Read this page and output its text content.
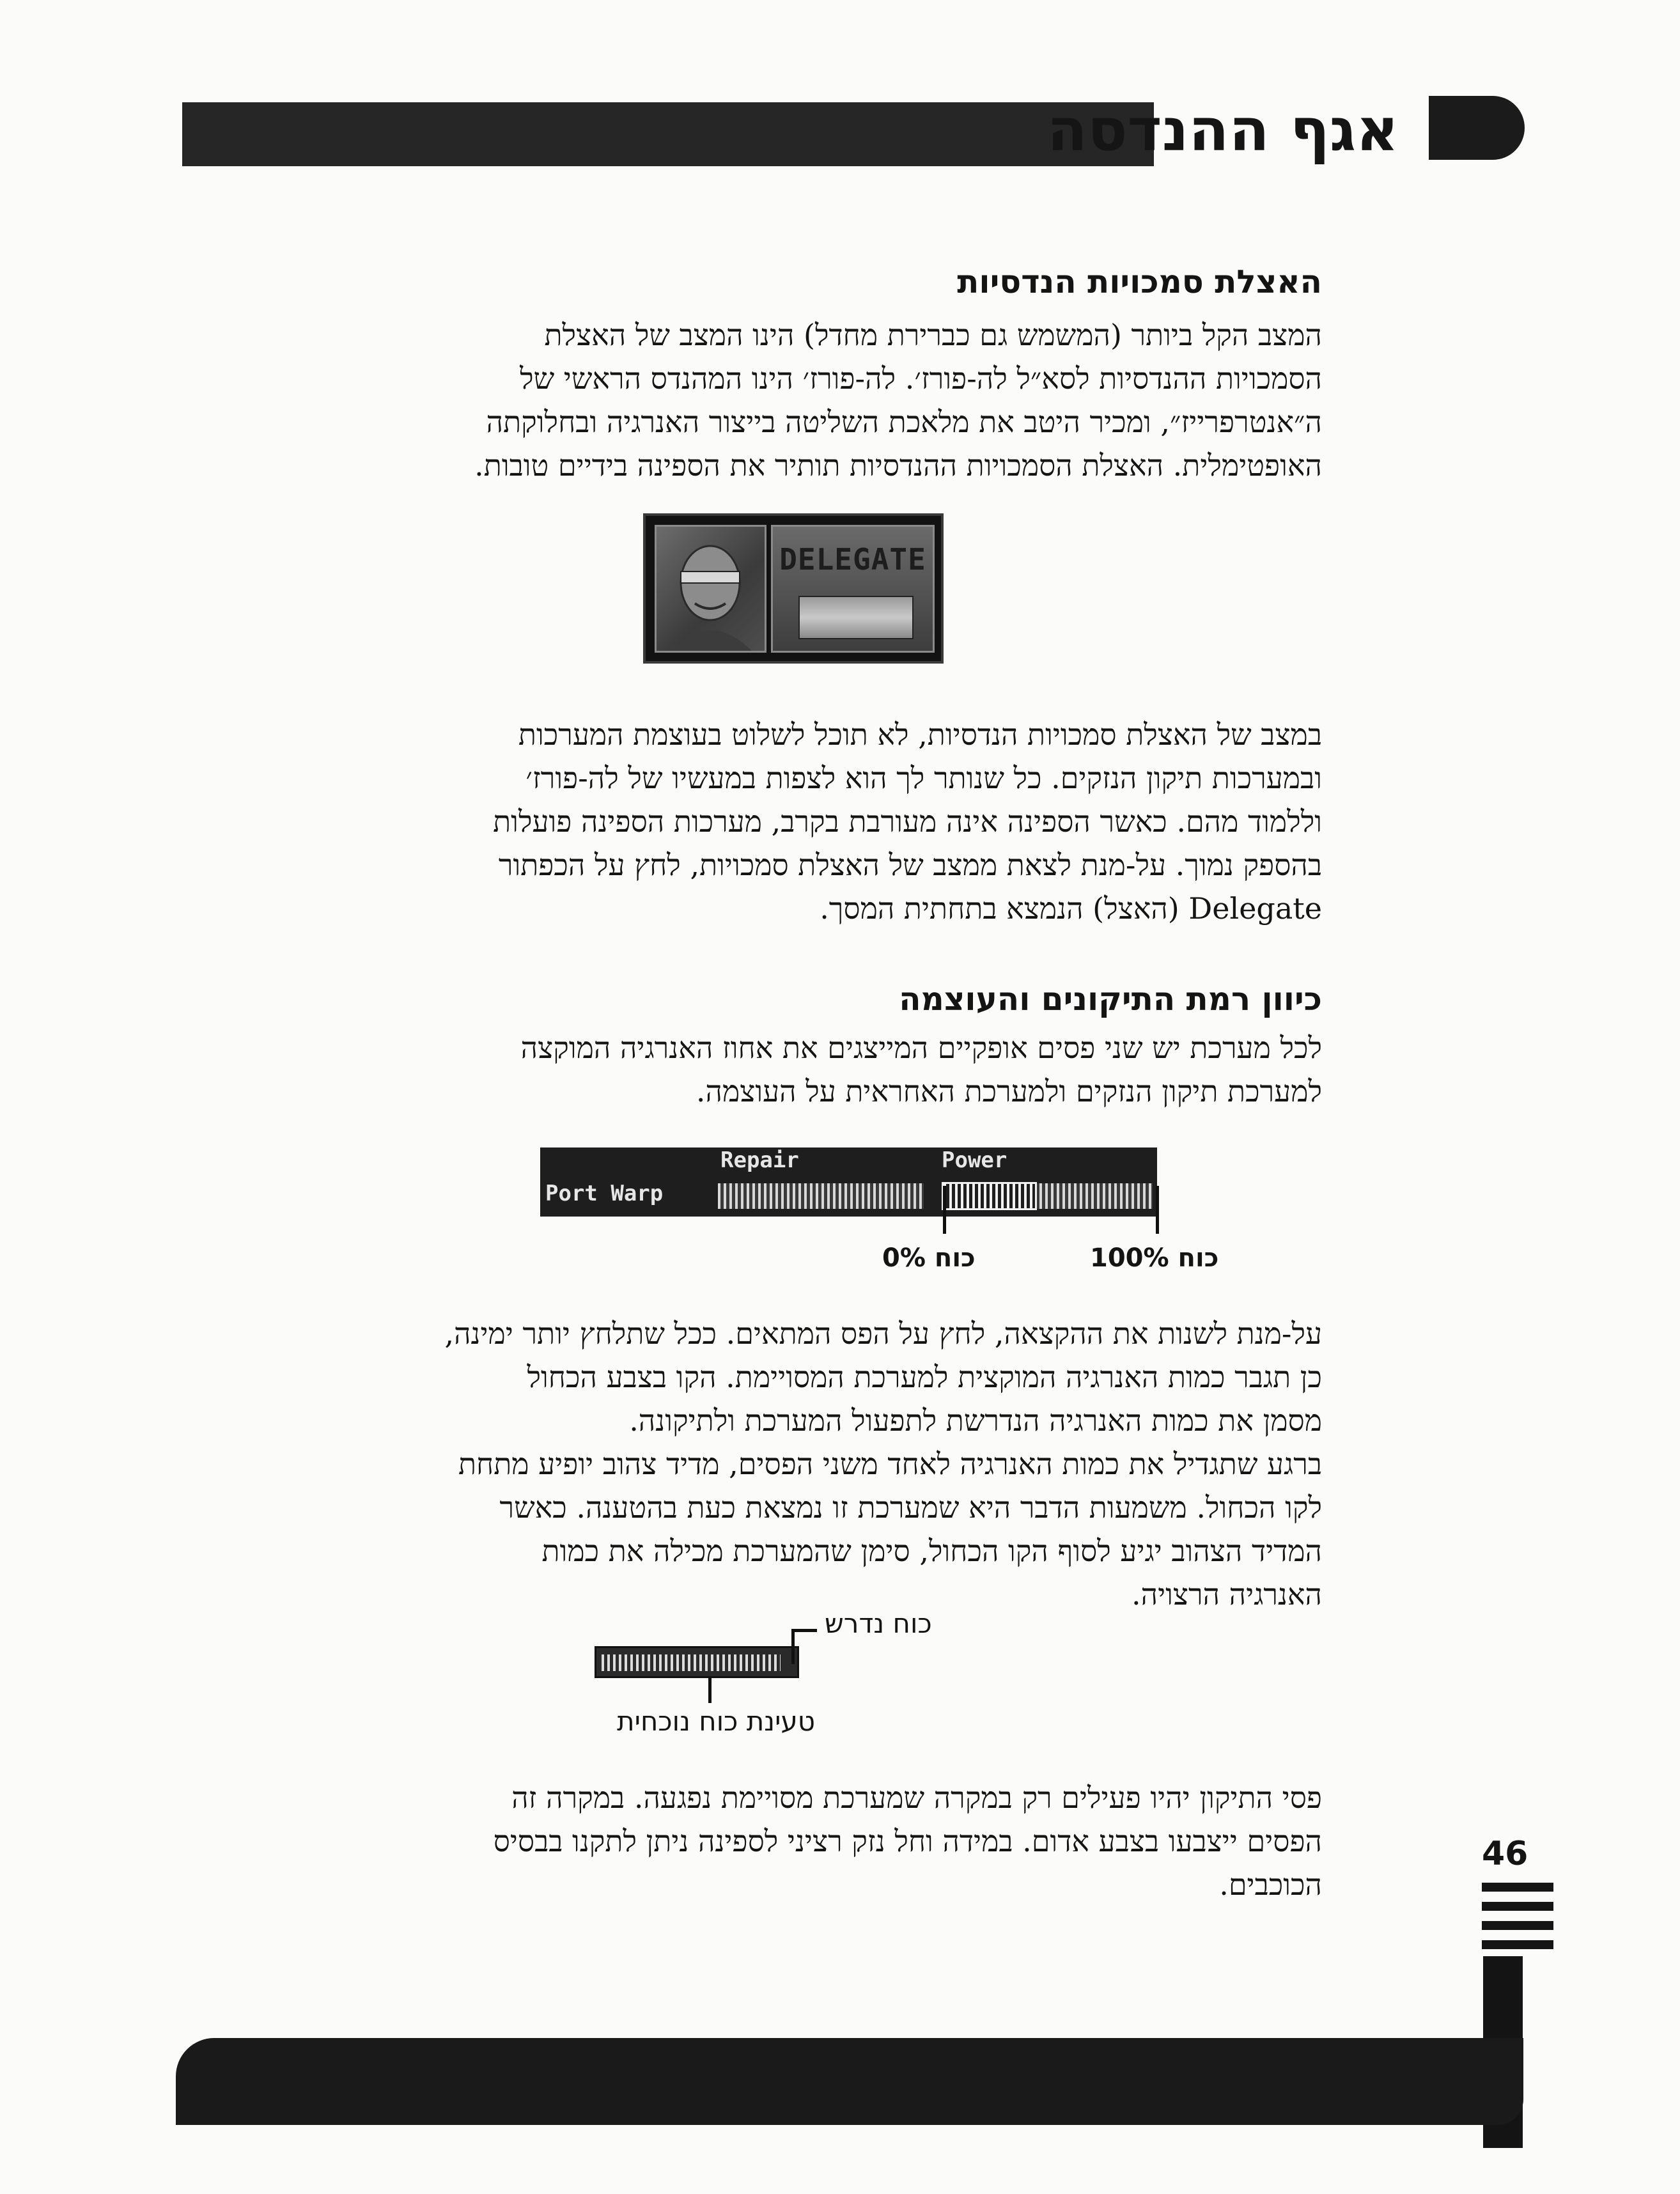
אגף ההנדסה
האצלת סמכויות הנדסיות

המצב הקל ביותר (המשמש גם כברירת מחדל) הינו המצב של האצלת
הסמכויות ההנדסיות לסא״ל לה-פורז׳. לה-פורז׳ הינו המהנדס הראשי של
ה״אנטרפרייז״, ומכיר היטב את מלאכת השליטה בייצור האנרגיה ובחלוקתה
האופטימלית. האצלת הסמכויות ההנדסיות תותיר את הספינה בידיים טובות.

DELEGATE

במצב של האצלת סמכויות הנדסיות, לא תוכל לשלוט בעוצמת המערכות
ובמערכות תיקון הנזקים. כל שנותר לך הוא לצפות במעשיו של לה-פורז׳
וללמוד מהם. כאשר הספינה אינה מעורבת בקרב, מערכות הספינה פועלות
בהספק נמוך. על-מנת לצאת ממצב של האצלת סמכויות, לחץ על הכפתור
Delegate (האצל) הנמצא בתחתית המסך.

כיוון רמת התיקונים והעוצמה

לכל מערכת יש שני פסים אופקיים המייצגים את אחוז האנרגיה המוקצה
למערכת תיקון הנזקים ולמערכת האחראית על העוצמה.

Repair	Power
Port Warp
כוח 0%	כוח 100%

על-מנת לשנות את ההקצאה, לחץ על הפס המתאים. ככל שתלחץ יותר ימינה,
כן תגבר כמות האנרגיה המוקצית למערכת המסויימת. הקו בצבע הכחול
מסמן את כמות האנרגיה הנדרשת לתפעול המערכת ולתיקונה.
ברגע שתגדיל את כמות האנרגיה לאחד משני הפסים, מדיד צהוב יופיע מתחת
לקו הכחול. משמעות הדבר היא שמערכת זו נמצאת כעת בהטענה. כאשר
המדיד הצהוב יגיע לסוף הקו הכחול, סימן שהמערכת מכילה את כמות
האנרגיה הרצויה.

כוח נדרש
טעינת כוח נוכחית

פסי התיקון יהיו פעילים רק במקרה שמערכת מסויימת נפגעה. במקרה זה
הפסים ייצבעו בצבע אדום. במידה וחל נזק רציני לספינה ניתן לתקנו בבסיס
הכוכבים.

46
